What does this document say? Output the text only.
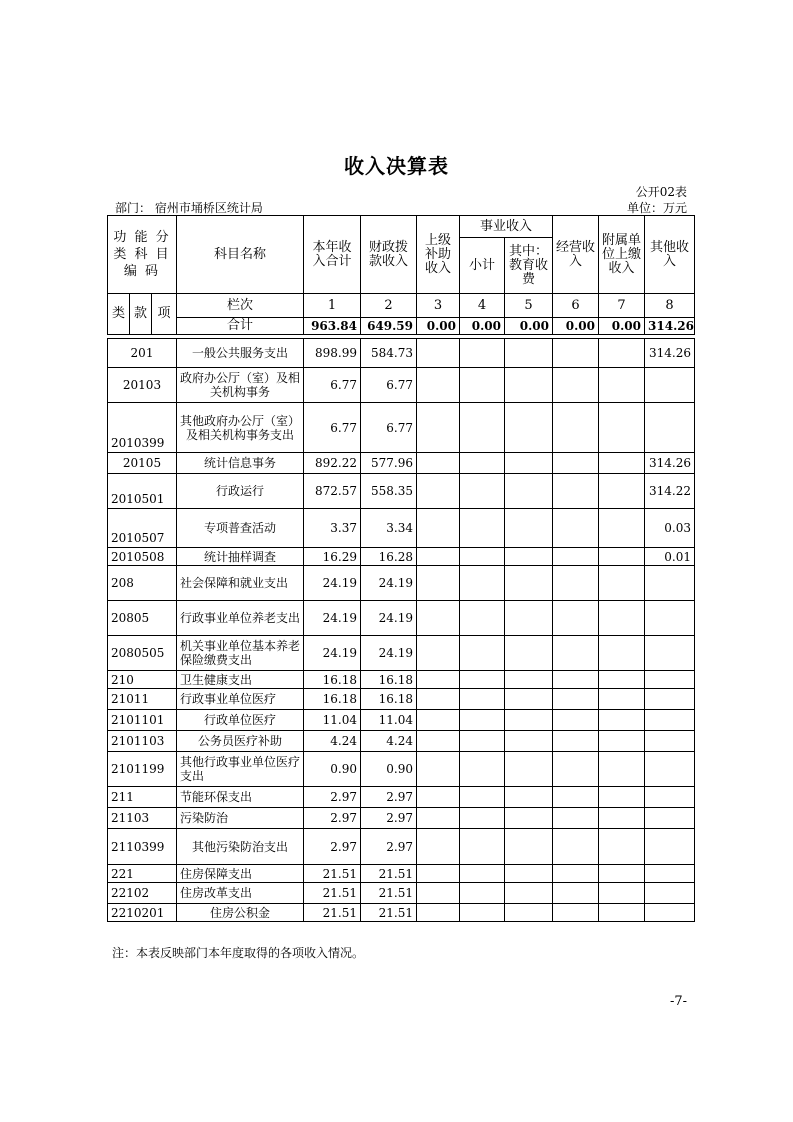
收入决算表
公开02表
部门： 宿州市埇桥区统计局	单位：万元
功 能 分 类 科 目 编 码			科目名称	本年收入合计	财政拨款收入	上级补助收入	事业收入		经营收入	附属单位上缴收入	其他收入
							小计	其中：教育收费			

类	款	项	栏次	1	2	3	4	5	6	7	8
			合计	963.84	649.59	0.00	0.00	0.00	0.00	0.00	314.26

201			一般公共服务支出	898.99	584.73						314.26
20103			政府办公厅（室）及相关机构事务	6.77	6.77						
2010399			其他政府办公厅（室）及相关机构事务支出	6.77	6.77						
20105			统计信息事务	892.22	577.96						314.26
2010501			行政运行	872.57	558.35						314.22
2010507			专项普查活动	3.37	3.34						0.03
2010508			统计抽样调查	16.29	16.28						0.01
208			社会保障和就业支出	24.19	24.19						
20805			行政事业单位养老支出	24.19	24.19						
2080505			机关事业单位基本养老保险缴费支出	24.19	24.19						
210			卫生健康支出	16.18	16.18						
21011			行政事业单位医疗	16.18	16.18						
2101101			行政单位医疗	11.04	11.04						
2101103			公务员医疗补助	4.24	4.24						
2101199			其他行政事业单位医疗支出	0.90	0.90						
211			节能环保支出	2.97	2.97						
21103			污染防治	2.97	2.97						
2110399			其他污染防治支出	2.97	2.97						
221			住房保障支出	21.51	21.51						
22102			住房改革支出	21.51	21.51						
2210201			住房公积金	21.51	21.51						
注：本表反映部门本年度取得的各项收入情况。
-7-
